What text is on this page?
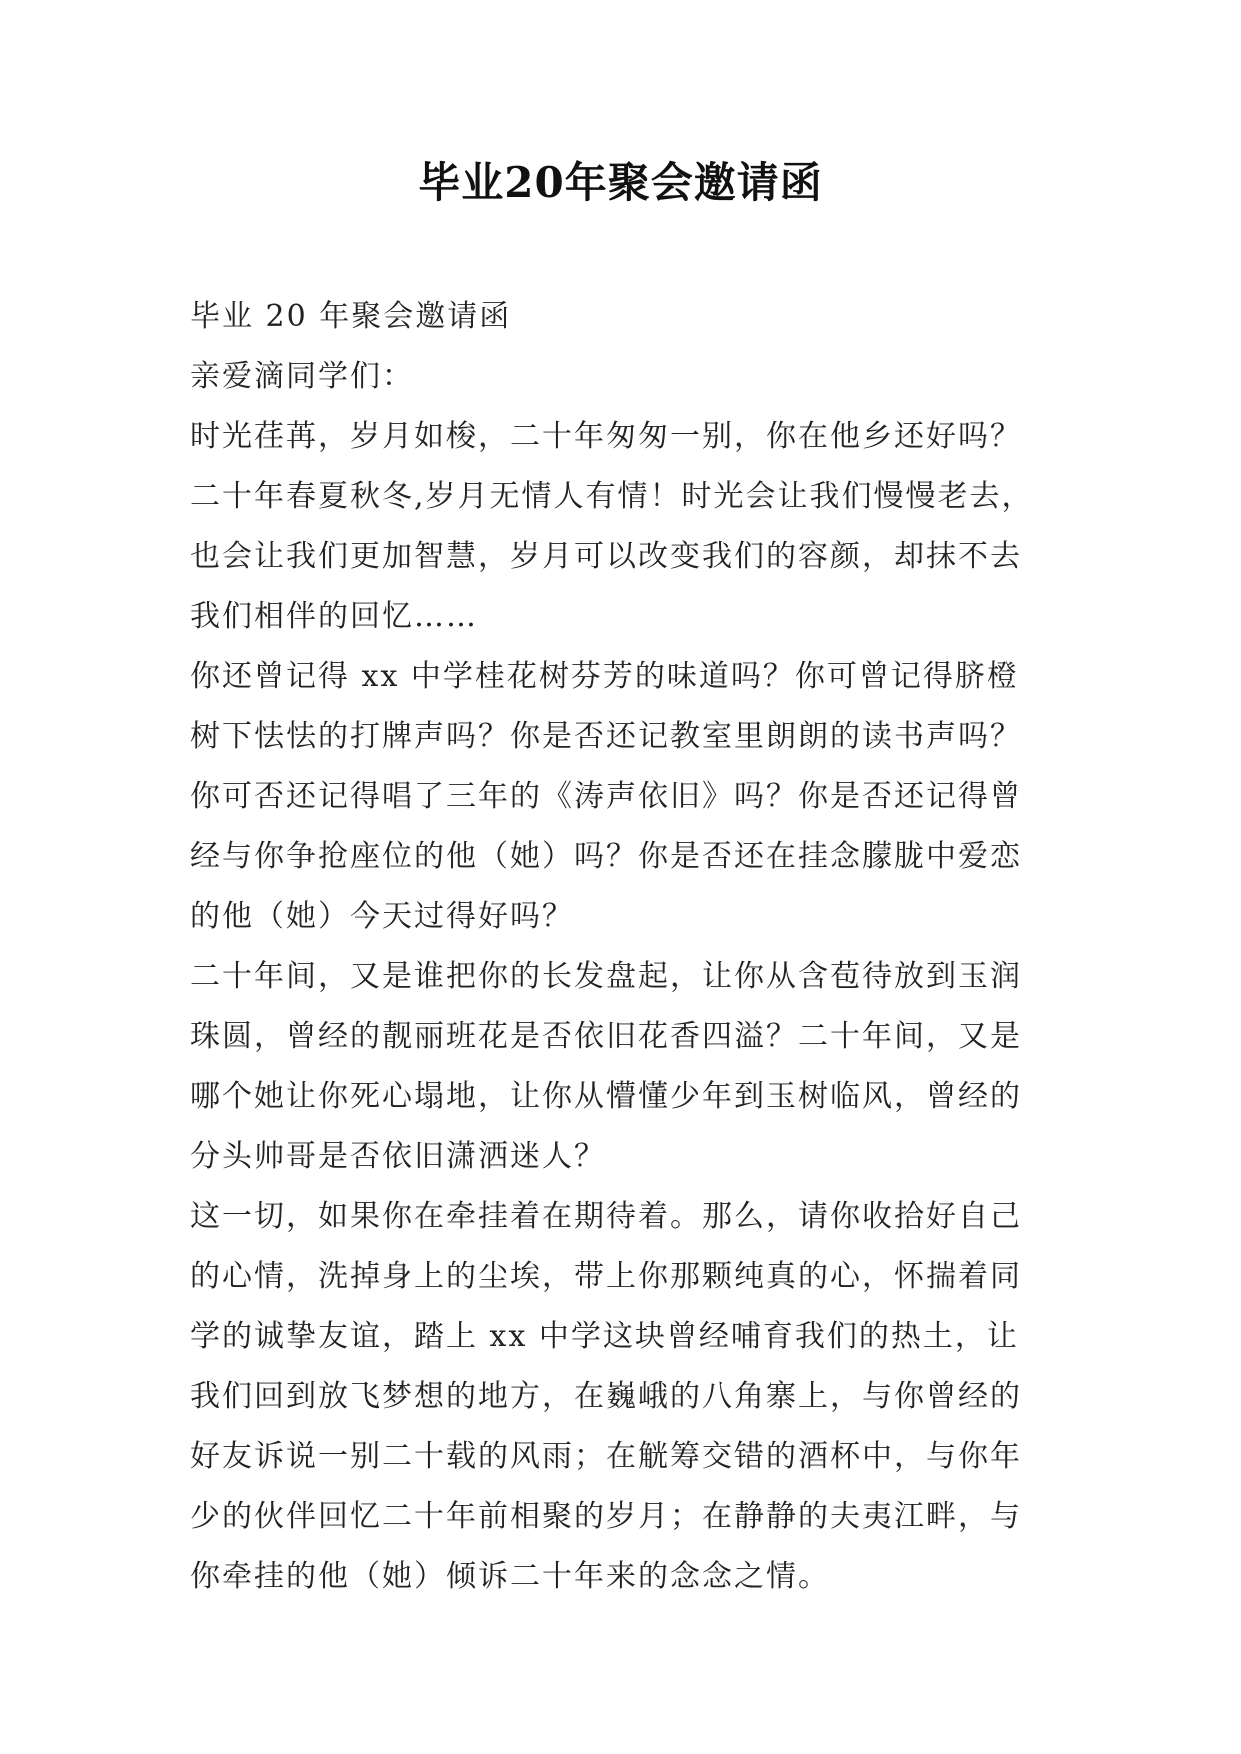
毕业20年聚会邀请函
毕业 20 年聚会邀请函
亲爱滴同学们：
时光荏苒，岁月如梭，二十年匆匆一别，你在他乡还好吗？
二十年春夏秋冬,岁月无情人有情！时光会让我们慢慢老去，
也会让我们更加智慧，岁月可以改变我们的容颜，却抹不去
我们相伴的回忆……
你还曾记得 xx 中学桂花树芬芳的味道吗？你可曾记得脐橙
树下怯怯的打牌声吗？你是否还记教室里朗朗的读书声吗？
你可否还记得唱了三年的《涛声依旧》吗？你是否还记得曾
经与你争抢座位的他（她）吗？你是否还在挂念朦胧中爱恋
的他（她）今天过得好吗？
二十年间，又是谁把你的长发盘起，让你从含苞待放到玉润
珠圆，曾经的靓丽班花是否依旧花香四溢？二十年间，又是
哪个她让你死心塌地，让你从懵懂少年到玉树临风，曾经的
分头帅哥是否依旧潇洒迷人？
这一切，如果你在牵挂着在期待着。那么，请你收拾好自己
的心情，洗掉身上的尘埃，带上你那颗纯真的心，怀揣着同
学的诚挚友谊，踏上 xx 中学这块曾经哺育我们的热土，让
我们回到放飞梦想的地方，在巍峨的八角寨上，与你曾经的
好友诉说一别二十载的风雨；在觥筹交错的酒杯中，与你年
少的伙伴回忆二十年前相聚的岁月；在静静的夫夷江畔，与
你牵挂的他（她）倾诉二十年来的念念之情。
